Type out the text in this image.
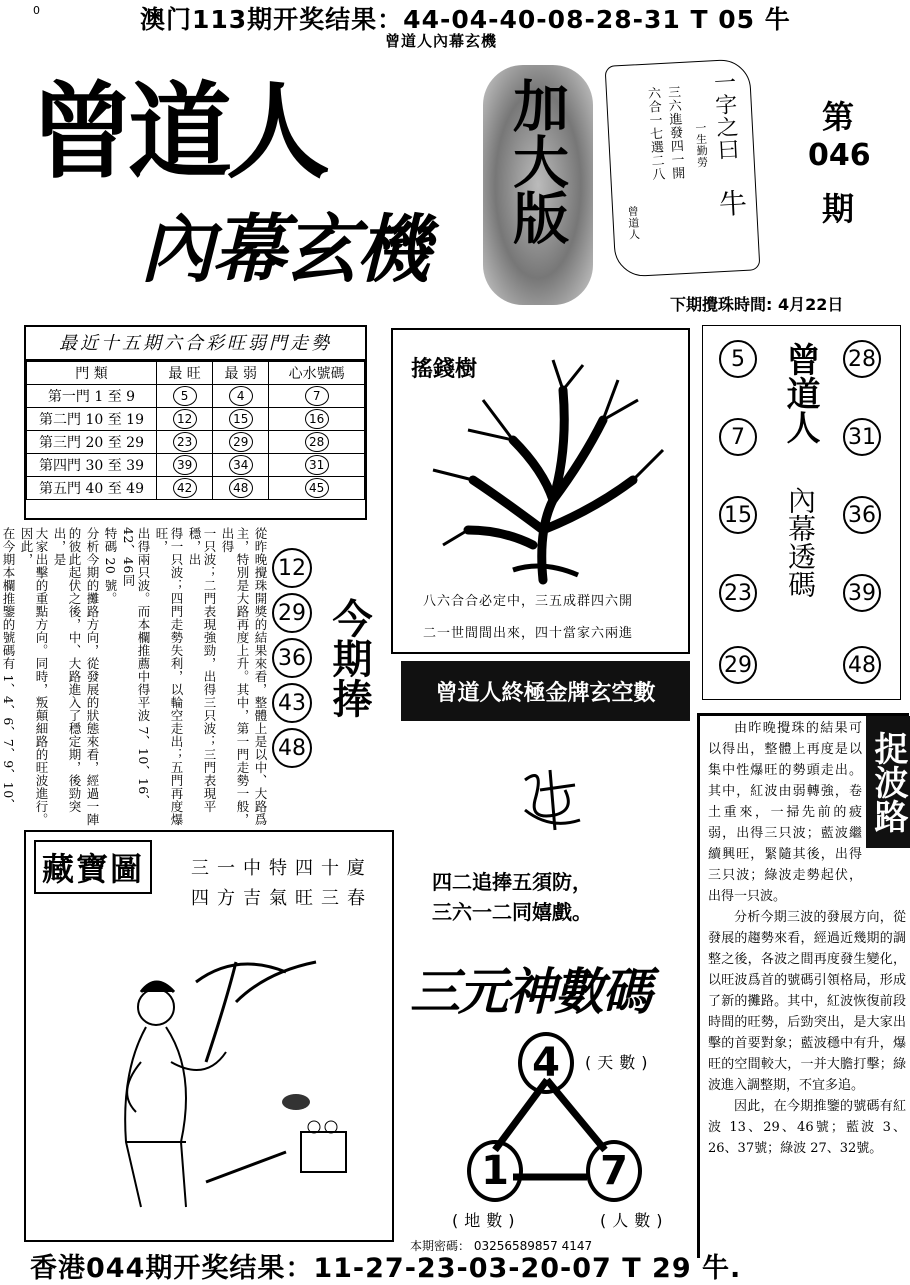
0	澳门113期开奖结果：44-04-40-08-28-31 T 05 牛
曾道人內幕玄機
曾道人
內幕玄機
加大版	一字之曰
一生勤勞
三六進發四一開
六合一七選二八
牛
曾道人
第
046
期
下期攪珠時間: 4月22日
最近十五期六合彩旺弱門走勢
門 類	最 旺	最 弱	心水號碼
第一門 1 至 9	5	4	7
第二門 10 至 19	12	15	16
第三門 20 至 29	23	29	28
第四門 30 至 39	39	34	31
第五門 40 至 49	42	48	45
從昨晚攪珠開獎的結果來看，整體上是以中、大路爲
主，特別是大路再度上升。其中，第一門走勢一般，出得
一只波；二門表現強勁，出得三只波；三門表現平穩，出
得一只波；四門走勢失利，以輪空走出；五門再度爆旺，
出得兩只波。而本欄推薦中得平波 7、10、16、42、46同
特碼 20 號。
分析今期的攤路方向，從發展的狀態來看，經過一陣
的彼此起伏之後，中、大路進入了穩定期，後勁突出，是
大家出擊的重點方向。同時，叛顛細路的旺波進行。因此，
在今期本欄推鑒的號碼有 1、4、6、7、9、10、
12 29 36 43 48
今期捧
搖錢樹
八六合合必定中，三五成群四六開
二一世間間出來，四十當家六兩進
5
7
15
23
29
28
31
36
39
48
曾道人
內幕透碼
曾道人終極金牌玄空數
四二追捧五須防，
三六一二同嬉戲。
捉波路

由昨晚攪珠的結果可以得出，整體上再度是以集中性爆旺的勢頭走出。其中，紅波由弱轉強，卷土重來，一掃先前的疲弱，出得三只波；藍波繼續興旺，緊隨其後，出得三只波；綠波走勢起伏，出得一只波。

分析今期三波的發展方向，從發展的趨勢來看，經過近幾期的調整之後，各波之間再度發生變化，以旺波爲首的號碼引領格局，形成了新的攤路。其中，紅波恢復前段時間的旺勢，后勁突出，是大家出擊的首要對象；藍波穩中有升，爆旺的空間較大，一并大膽打擊；綠波進入調整期，不宜多追。

因此，在今期推鑒的號碼有紅波 13、29、46號；藍波 3、26、37號；綠波 27、32號。

藏寶圖	三一中特四十廈
四方吉氣旺三春
三元神數碼
4
1	7
(天數)
(地數)	(人數)
本期密碼： 03256589857 4147
香港044期开奖结果：11-27-23-03-20-07 T 29 牛.
